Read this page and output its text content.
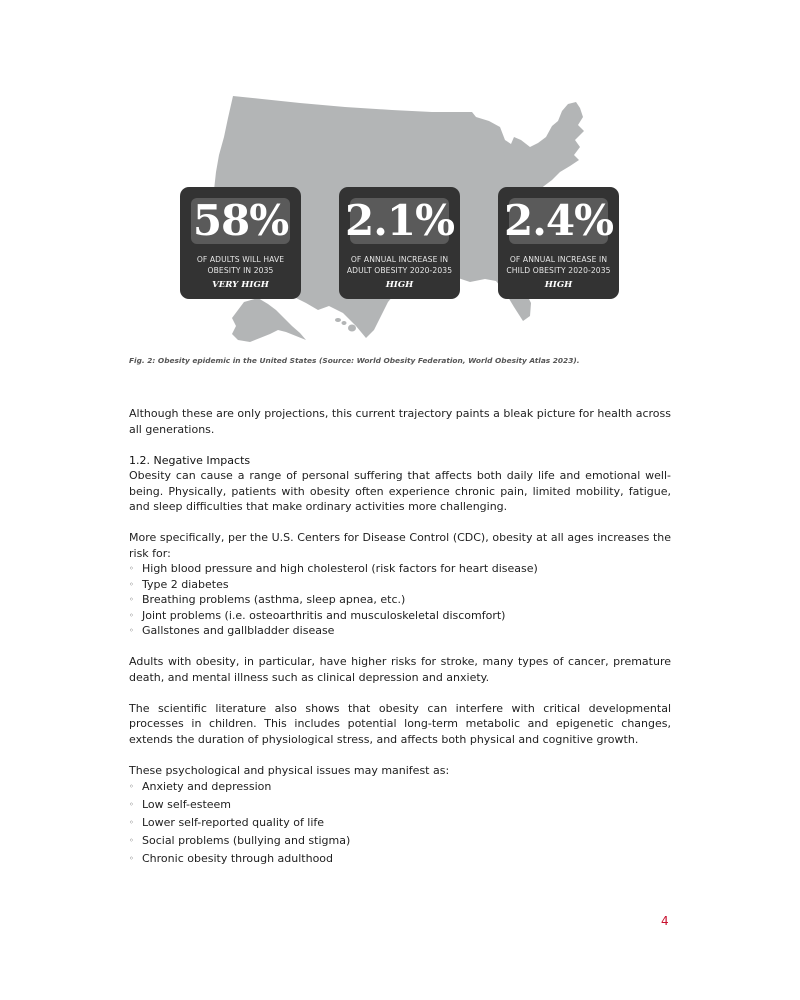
58%
OF ADULTS WILL HAVE
OBESITY IN 2035
VERY HIGH
2.1%
OF ANNUAL INCREASE IN
ADULT OBESITY 2020-2035
HIGH
2.4%
OF ANNUAL INCREASE IN
CHILD OBESITY 2020-2035
HIGH
Fig. 2: Obesity epidemic in the United States (Source: World Obesity Federation, World Obesity Atlas 2023).

Although these are only projections, this current trajectory paints a bleak picture for health across all generations.

1.2. Negative Impacts

Obesity can cause a range of personal suffering that affects both daily life and emotional well-being. Physically, patients with obesity often experience chronic pain, limited mobility, fatigue, and sleep difficulties that make ordinary activities more challenging.

More specifically, per the U.S. Centers for Disease Control (CDC), obesity at all ages increases the risk for:

◦ High blood pressure and high cholesterol (risk factors for heart disease)
◦ Type 2 diabetes
◦ Breathing problems (asthma, sleep apnea, etc.)
◦ Joint problems (i.e. osteoarthritis and musculoskeletal discomfort)
◦ Gallstones and gallbladder disease

Adults with obesity, in particular, have higher risks for stroke, many types of cancer, premature death, and mental illness such as clinical depression and anxiety.

The scientific literature also shows that obesity can interfere with critical developmental processes in children. This includes potential long-term metabolic and epigenetic changes, extends the duration of physiological stress, and affects both physical and cognitive growth.

These psychological and physical issues may manifest as:

◦ Anxiety and depression
◦ Low self-esteem
◦ Lower self-reported quality of life
◦ Social problems (bullying and stigma)
◦ Chronic obesity through adulthood
4
